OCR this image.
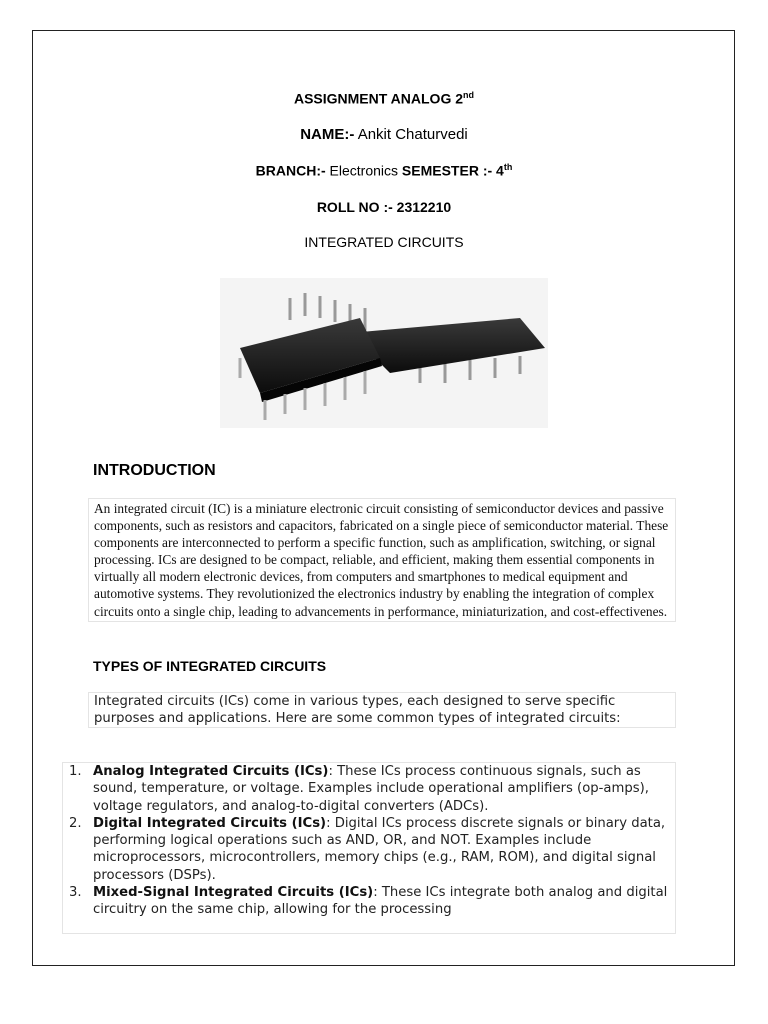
ASSIGNMENT ANALOG 2nd
NAME:- Ankit Chaturvedi
BRANCH:- Electronics SEMESTER :- 4th
ROLL NO :- 2312210
INTEGRATED CIRCUITS
INTRODUCTION
An integrated circuit (IC) is a miniature electronic circuit consisting of semiconductor devices and passive components, such as resistors and capacitors, fabricated on a single piece of semiconductor material. These components are interconnected to perform a specific function, such as amplification, switching, or signal processing. ICs are designed to be compact, reliable, and efficient, making them essential components in virtually all modern electronic devices, from computers and smartphones to medical equipment and automotive systems. They revolutionized the electronics industry by enabling the integration of complex circuits onto a single chip, leading to advancements in performance, miniaturization, and cost-effectivenes.
TYPES OF INTEGRATED CIRCUITS
Integrated circuits (ICs) come in various types, each designed to serve specific purposes and applications. Here are some common types of integrated circuits:
1. Analog Integrated Circuits (ICs): These ICs process continuous signals, such as sound, temperature, or voltage. Examples include operational amplifiers (op-amps), voltage regulators, and analog-to-digital converters (ADCs).
2. Digital Integrated Circuits (ICs): Digital ICs process discrete signals or binary data, performing logical operations such as AND, OR, and NOT. Examples include microprocessors, microcontrollers, memory chips (e.g., RAM, ROM), and digital signal processors (DSPs).
3. Mixed-Signal Integrated Circuits (ICs): These ICs integrate both analog and digital circuitry on the same chip, allowing for the processing
